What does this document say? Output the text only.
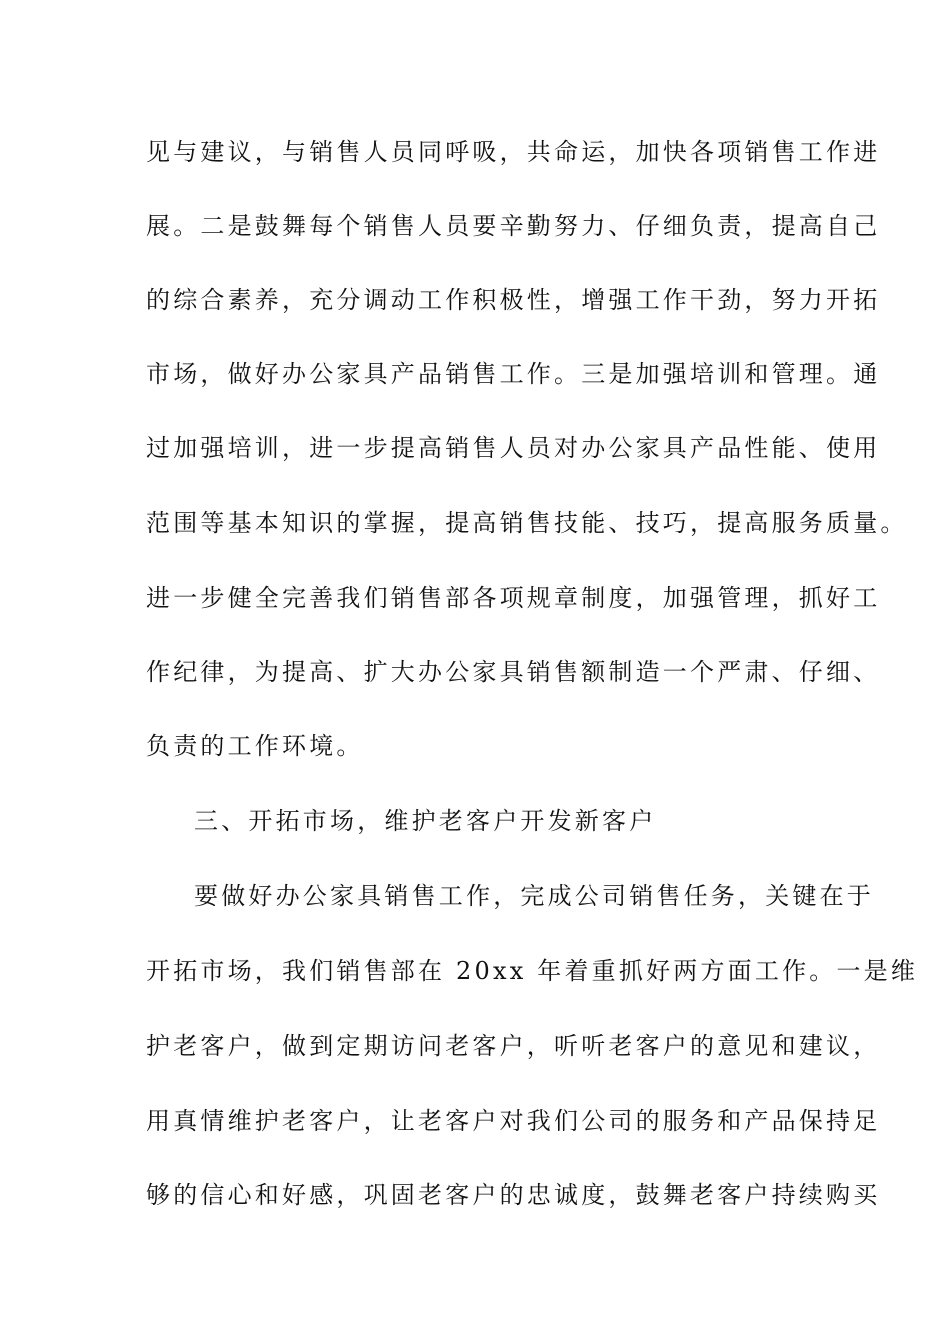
见与建议，与销售人员同呼吸，共命运，加快各项销售工作进
展。二是鼓舞每个销售人员要辛勤努力、仔细负责，提高自己
的综合素养，充分调动工作积极性，增强工作干劲，努力开拓
市场，做好办公家具产品销售工作。三是加强培训和管理。通
过加强培训，进一步提高销售人员对办公家具产品性能、使用
范围等基本知识的掌握，提高销售技能、技巧，提高服务质量。
进一步健全完善我们销售部各项规章制度，加强管理，抓好工
作纪律，为提高、扩大办公家具销售额制造一个严肃、仔细、
负责的工作环境。
三、开拓市场，维护老客户开发新客户
要做好办公家具销售工作，完成公司销售任务，关键在于
开拓市场，我们销售部在 20xx 年着重抓好两方面工作。一是维
护老客户，做到定期访问老客户，听听老客户的意见和建议，
用真情维护老客户，让老客户对我们公司的服务和产品保持足
够的信心和好感，巩固老客户的忠诚度，鼓舞老客户持续购买
